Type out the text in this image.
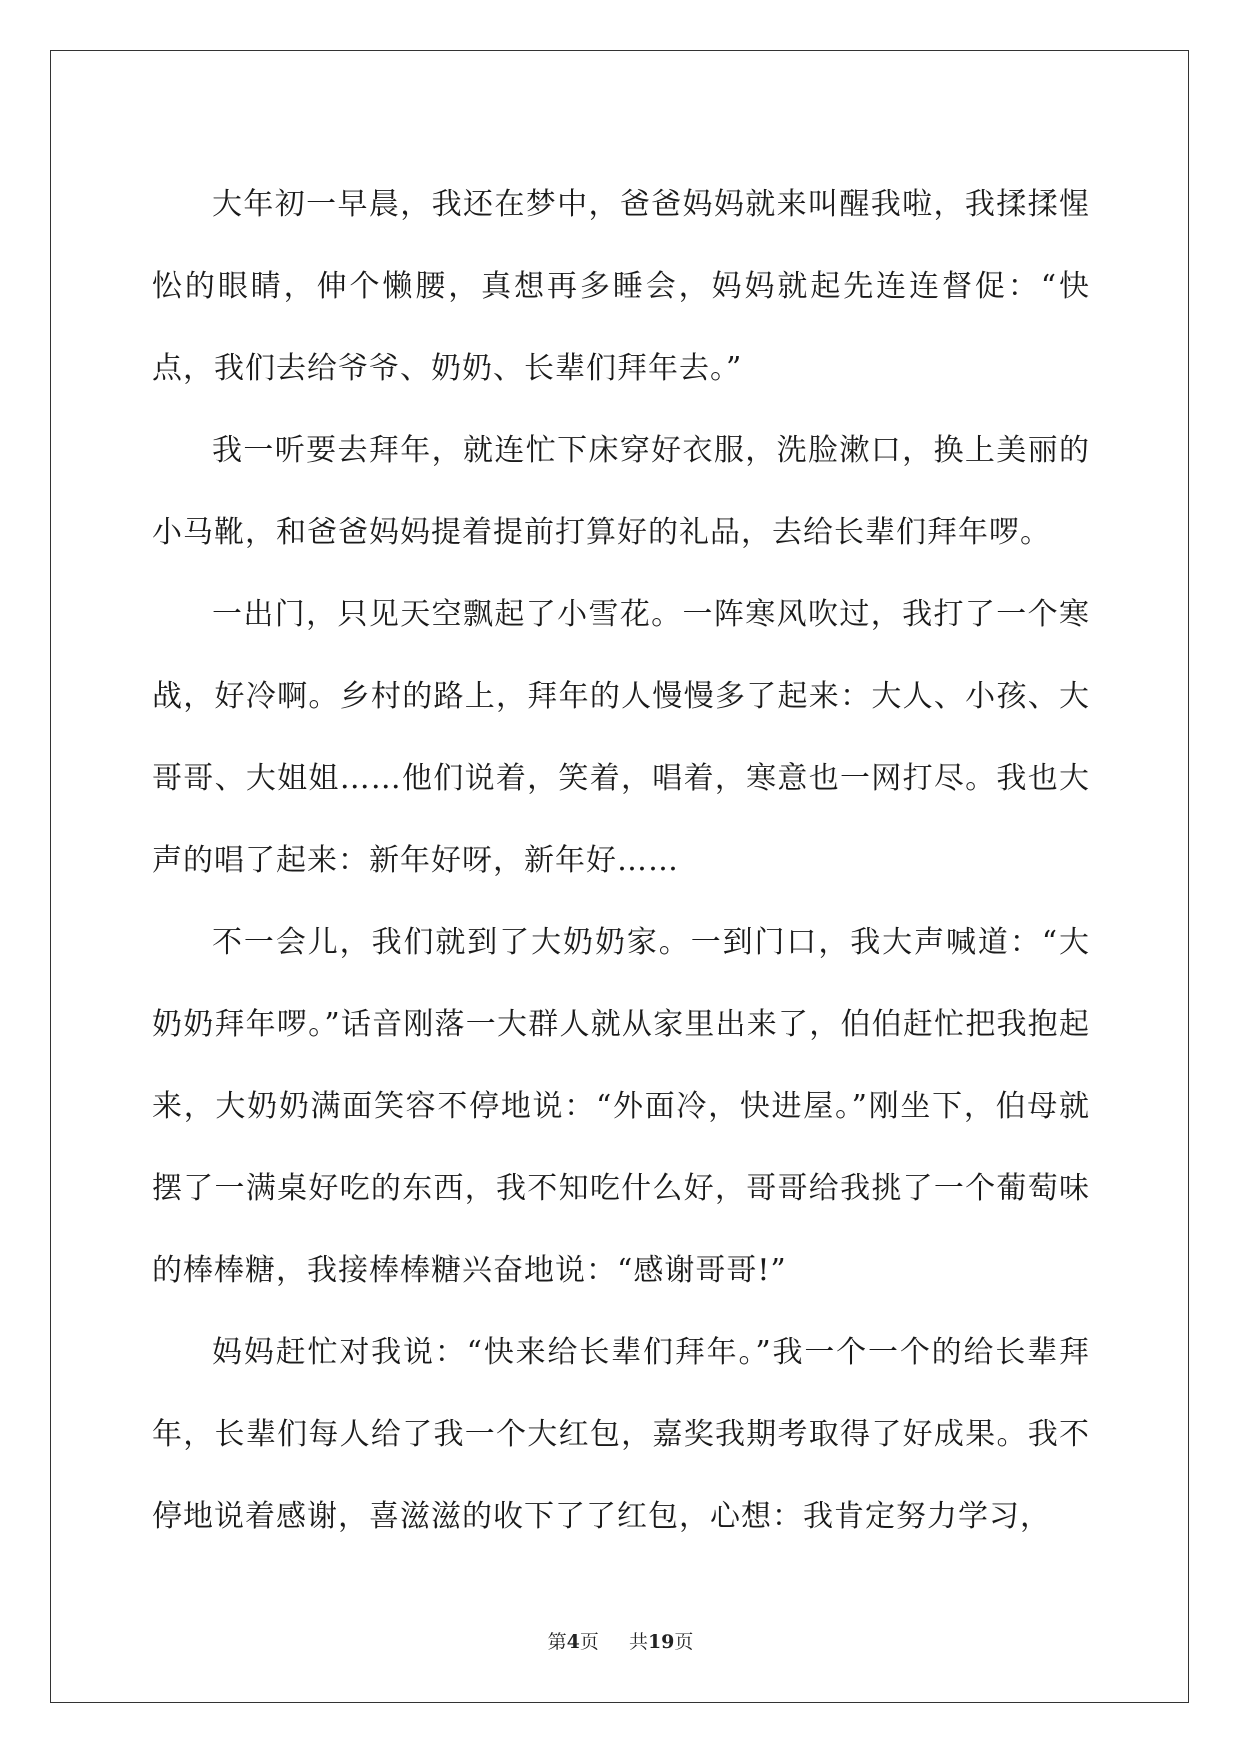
大年初一早晨，我还在梦中，爸爸妈妈就来叫醒我啦，我揉揉惺忪的眼睛，伸个懒腰，真想再多睡会，妈妈就起先连连督促：“快点，我们去给爷爷、奶奶、长辈们拜年去。”

我一听要去拜年，就连忙下床穿好衣服，洗脸漱口，换上美丽的小马靴，和爸爸妈妈提着提前打算好的礼品，去给长辈们拜年啰。

一出门，只见天空飘起了小雪花。一阵寒风吹过，我打了一个寒战，好冷啊。乡村的路上，拜年的人慢慢多了起来：大人、小孩、大哥哥、大姐姐……他们说着，笑着，唱着，寒意也一网打尽。我也大声的唱了起来：新年好呀，新年好……

不一会儿，我们就到了大奶奶家。一到门口，我大声喊道：“大奶奶拜年啰。”话音刚落一大群人就从家里出来了，伯伯赶忙把我抱起来，大奶奶满面笑容不停地说：“外面冷，快进屋。”刚坐下，伯母就摆了一满桌好吃的东西，我不知吃什么好，哥哥给我挑了一个葡萄味的棒棒糖，我接棒棒糖兴奋地说：“感谢哥哥!”

妈妈赶忙对我说：“快来给长辈们拜年。”我一个一个的给长辈拜年，长辈们每人给了我一个大红包，嘉奖我期考取得了好成果。我不停地说着感谢，喜滋滋的收下了了红包，心想：我肯定努力学习，

第4页 共19页
